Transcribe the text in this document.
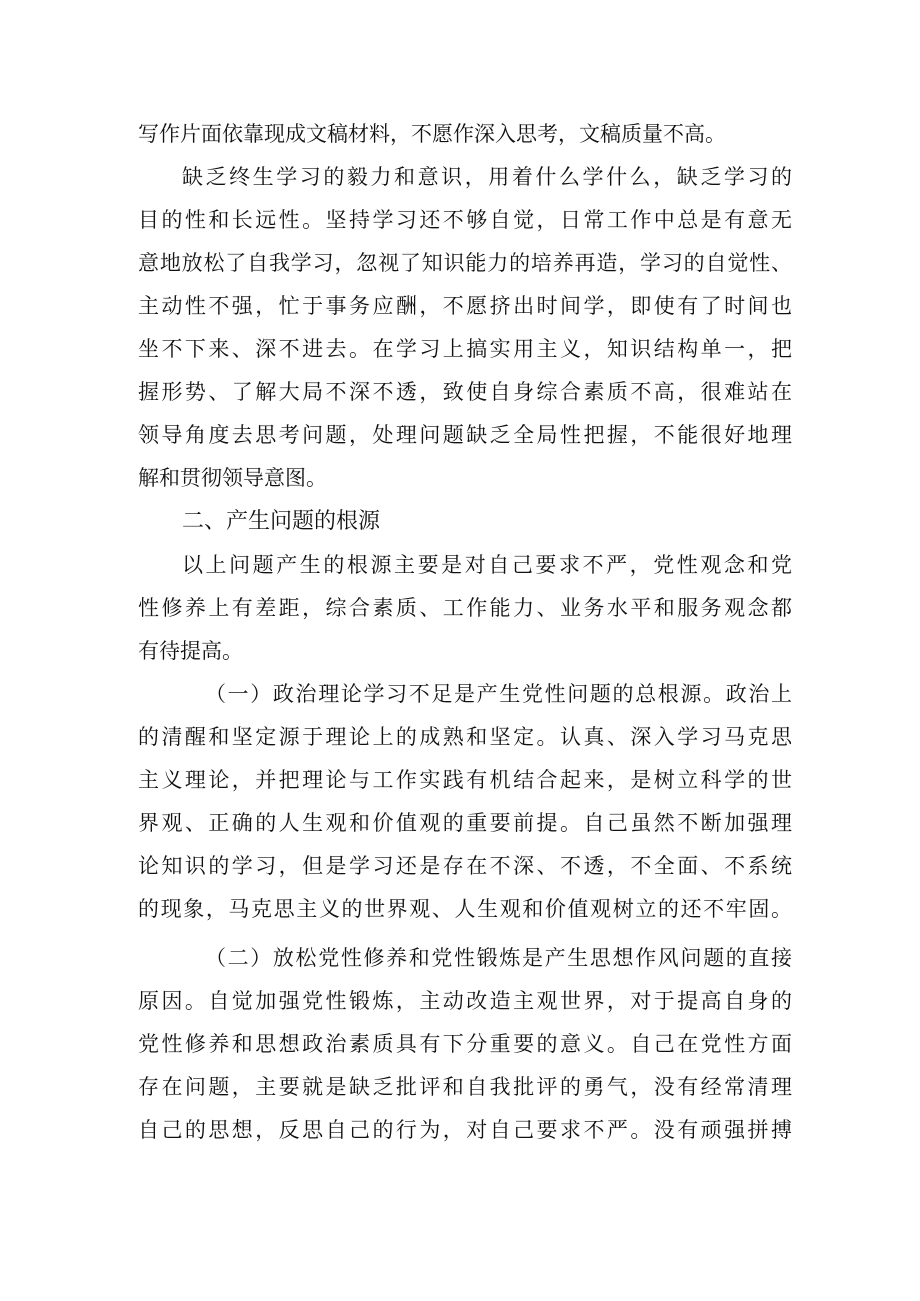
写作片面依靠现成文稿材料，不愿作深入思考，文稿质量不高。
缺乏终生学习的毅力和意识，用着什么学什么，缺乏学习的
目的性和长远性。坚持学习还不够自觉，日常工作中总是有意无
意地放松了自我学习，忽视了知识能力的培养再造，学习的自觉性、
主动性不强，忙于事务应酬，不愿挤出时间学，即使有了时间也
坐不下来、深不进去。在学习上搞实用主义，知识结构单一，把
握形势、了解大局不深不透，致使自身综合素质不高，很难站在
领导角度去思考问题，处理问题缺乏全局性把握，不能很好地理
解和贯彻领导意图。
二、产生问题的根源
以上问题产生的根源主要是对自己要求不严，党性观念和党
性修养上有差距，综合素质、工作能力、业务水平和服务观念都
有待提高。
（一）政治理论学习不足是产生党性问题的总根源。政治上
的清醒和坚定源于理论上的成熟和坚定。认真、深入学习马克思
主义理论，并把理论与工作实践有机结合起来，是树立科学的世
界观、正确的人生观和价值观的重要前提。自己虽然不断加强理
论知识的学习，但是学习还是存在不深、不透，不全面、不系统
的现象，马克思主义的世界观、人生观和价值观树立的还不牢固。
（二）放松党性修养和党性锻炼是产生思想作风问题的直接
原因。自觉加强党性锻炼，主动改造主观世界，对于提高自身的
党性修养和思想政治素质具有下分重要的意义。自己在党性方面
存在问题，主要就是缺乏批评和自我批评的勇气，没有经常清理
自己的思想，反思自己的行为，对自己要求不严。没有顽强拼搏
